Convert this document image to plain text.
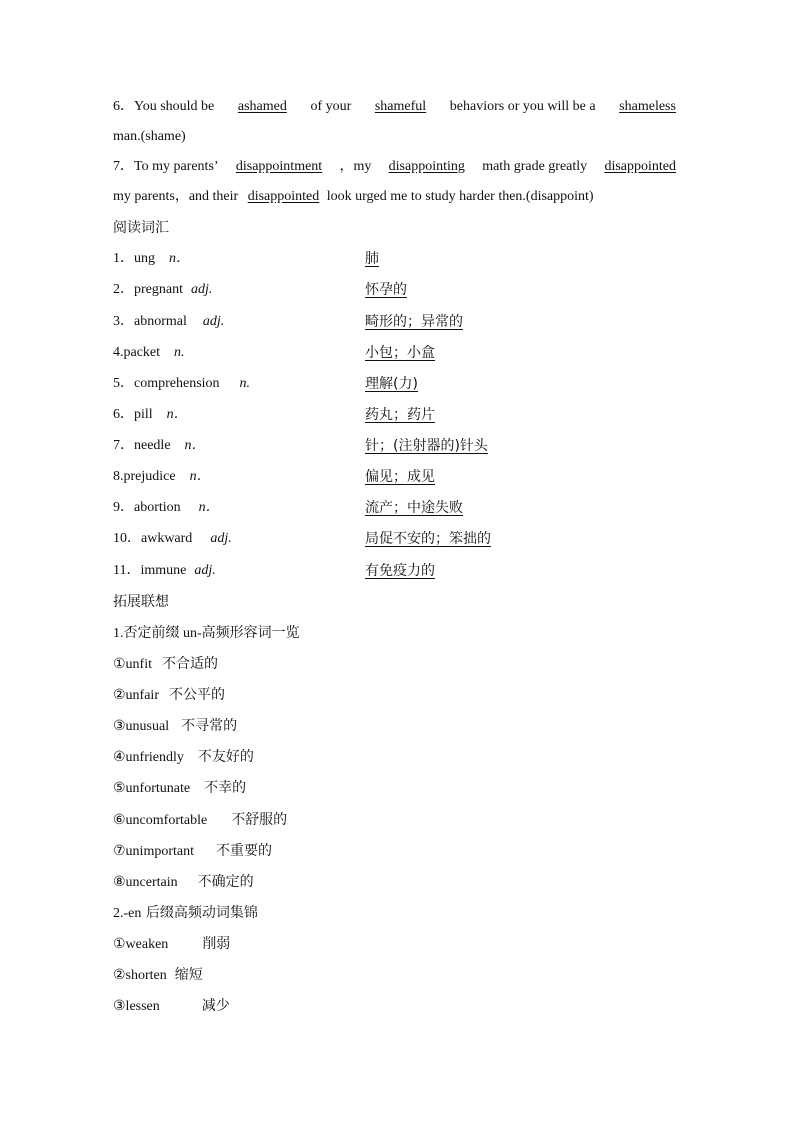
6．You should be ashamed of your shameful behaviors or you will be a shameless
man.(shame)
7．To my parents’ disappointment ，my disappointing math grade greatly disappointed
my parents，and their disappointed look urged me to study harder then.(disappoint)
阅读词汇
1．ung n．	肺
2．pregnant adj.	怀孕的
3．abnormal adj.	畸形的；异常的
4.packet n.	小包；小盒
5．comprehension n.	理解(力)
6．pill n．	药丸；药片
7．needle n．	针；(注射器的)针头
8.prejudice n．	偏见；成见
9．abortion n．	流产；中途失败
10．awkward adj.	局促不安的；笨拙的
11．immune adj.	有免疫力的
拓展联想
1.否定前缀 un-高频形容词一览
①unfit 不合适的
②unfair 不公平的
③unusual 不寻常的
④unfriendly 不友好的
⑤unfortunate 不幸的
⑥uncomfortable 不舒服的
⑦unimportant 不重要的
⑧uncertain 不确定的
2.-en 后缀高频动词集锦
①weaken 削弱
②shorten 缩短
③lessen	减少
